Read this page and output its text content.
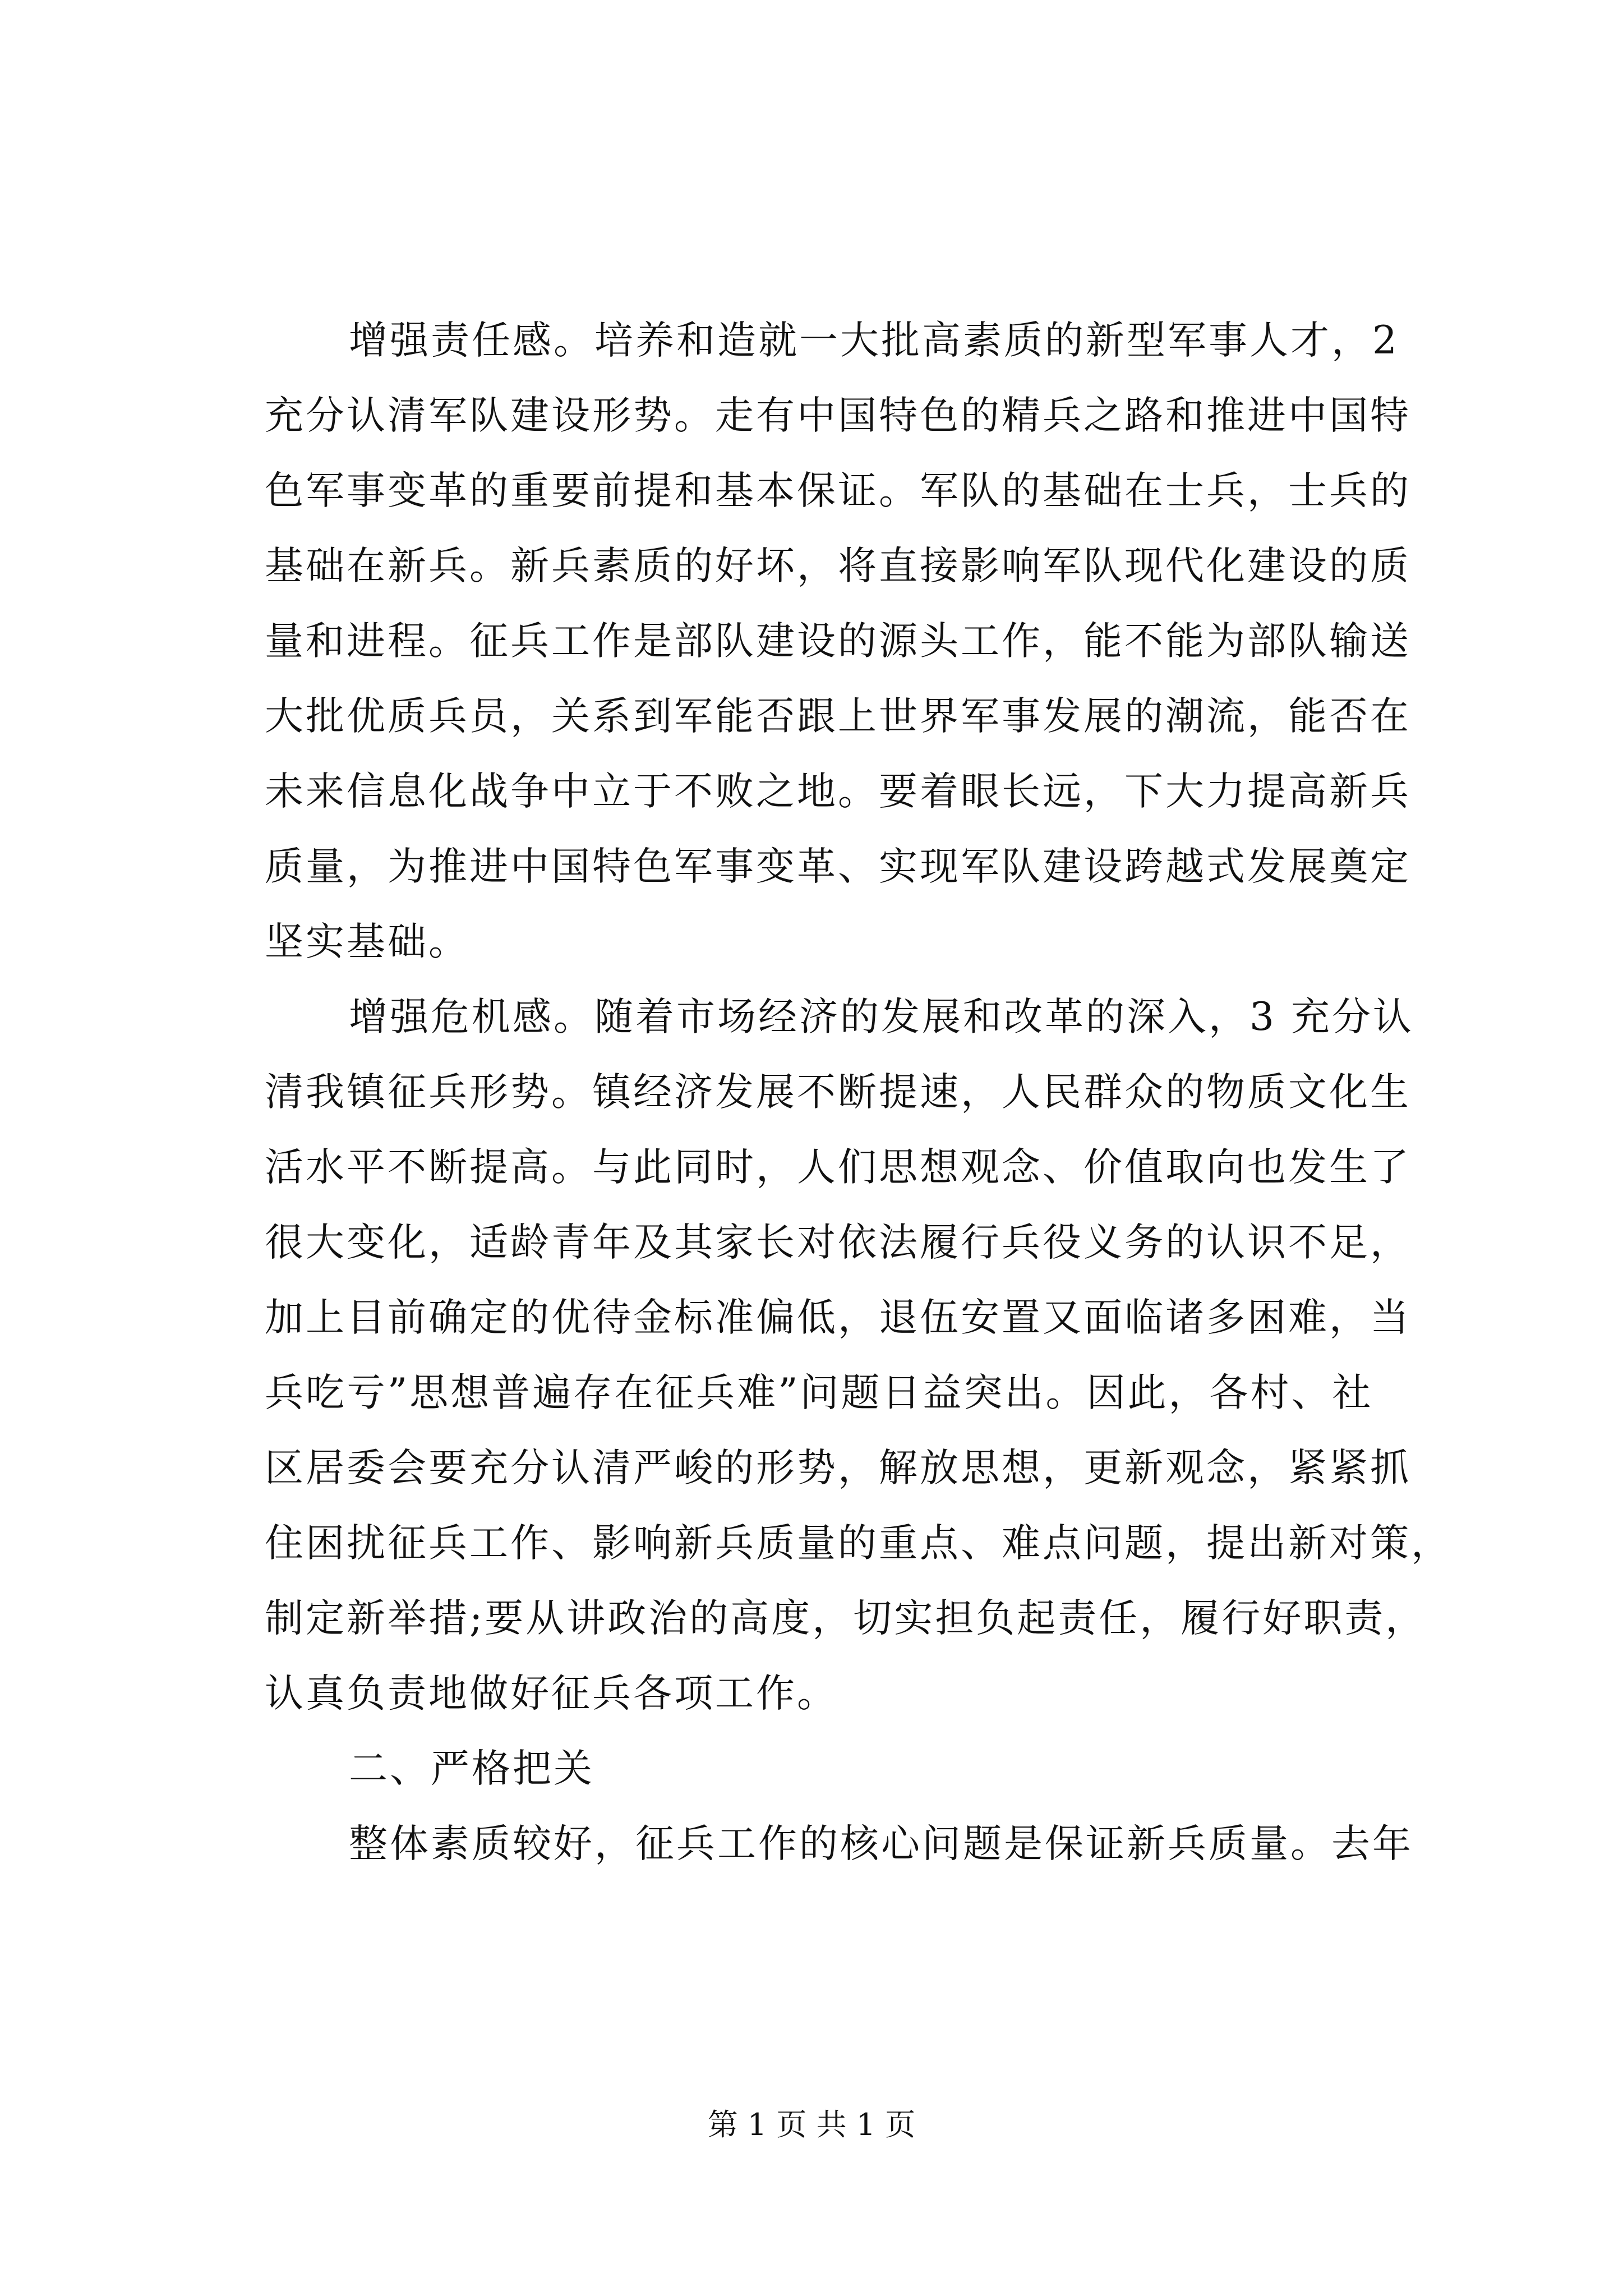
增强责任感。培养和造就一大批高素质的新型军事人才，2
充分认清军队建设形势。走有中国特色的精兵之路和推进中国特
色军事变革的重要前提和基本保证。军队的基础在士兵，士兵的
基础在新兵。新兵素质的好坏，将直接影响军队现代化建设的质
量和进程。征兵工作是部队建设的源头工作，能不能为部队输送
大批优质兵员，关系到军能否跟上世界军事发展的潮流，能否在
未来信息化战争中立于不败之地。要着眼长远，下大力提高新兵
质量，为推进中国特色军事变革、实现军队建设跨越式发展奠定
坚实基础。
增强危机感。随着市场经济的发展和改革的深入，3 充分认
清我镇征兵形势。镇经济发展不断提速，人民群众的物质文化生
活水平不断提高。与此同时，人们思想观念、价值取向也发生了
很大变化，适龄青年及其家长对依法履行兵役义务的认识不足，
加上目前确定的优待金标准偏低，退伍安置又面临诸多困难，当
兵吃亏”思想普遍存在征兵难”问题日益突出。因此，各村、社
区居委会要充分认清严峻的形势，解放思想，更新观念，紧紧抓
住困扰征兵工作、影响新兵质量的重点、难点问题，提出新对策，
制定新举措;要从讲政治的高度，切实担负起责任，履行好职责，
认真负责地做好征兵各项工作。
二、严格把关
整体素质较好，征兵工作的核心问题是保证新兵质量。去年
第 1 页 共 1 页
